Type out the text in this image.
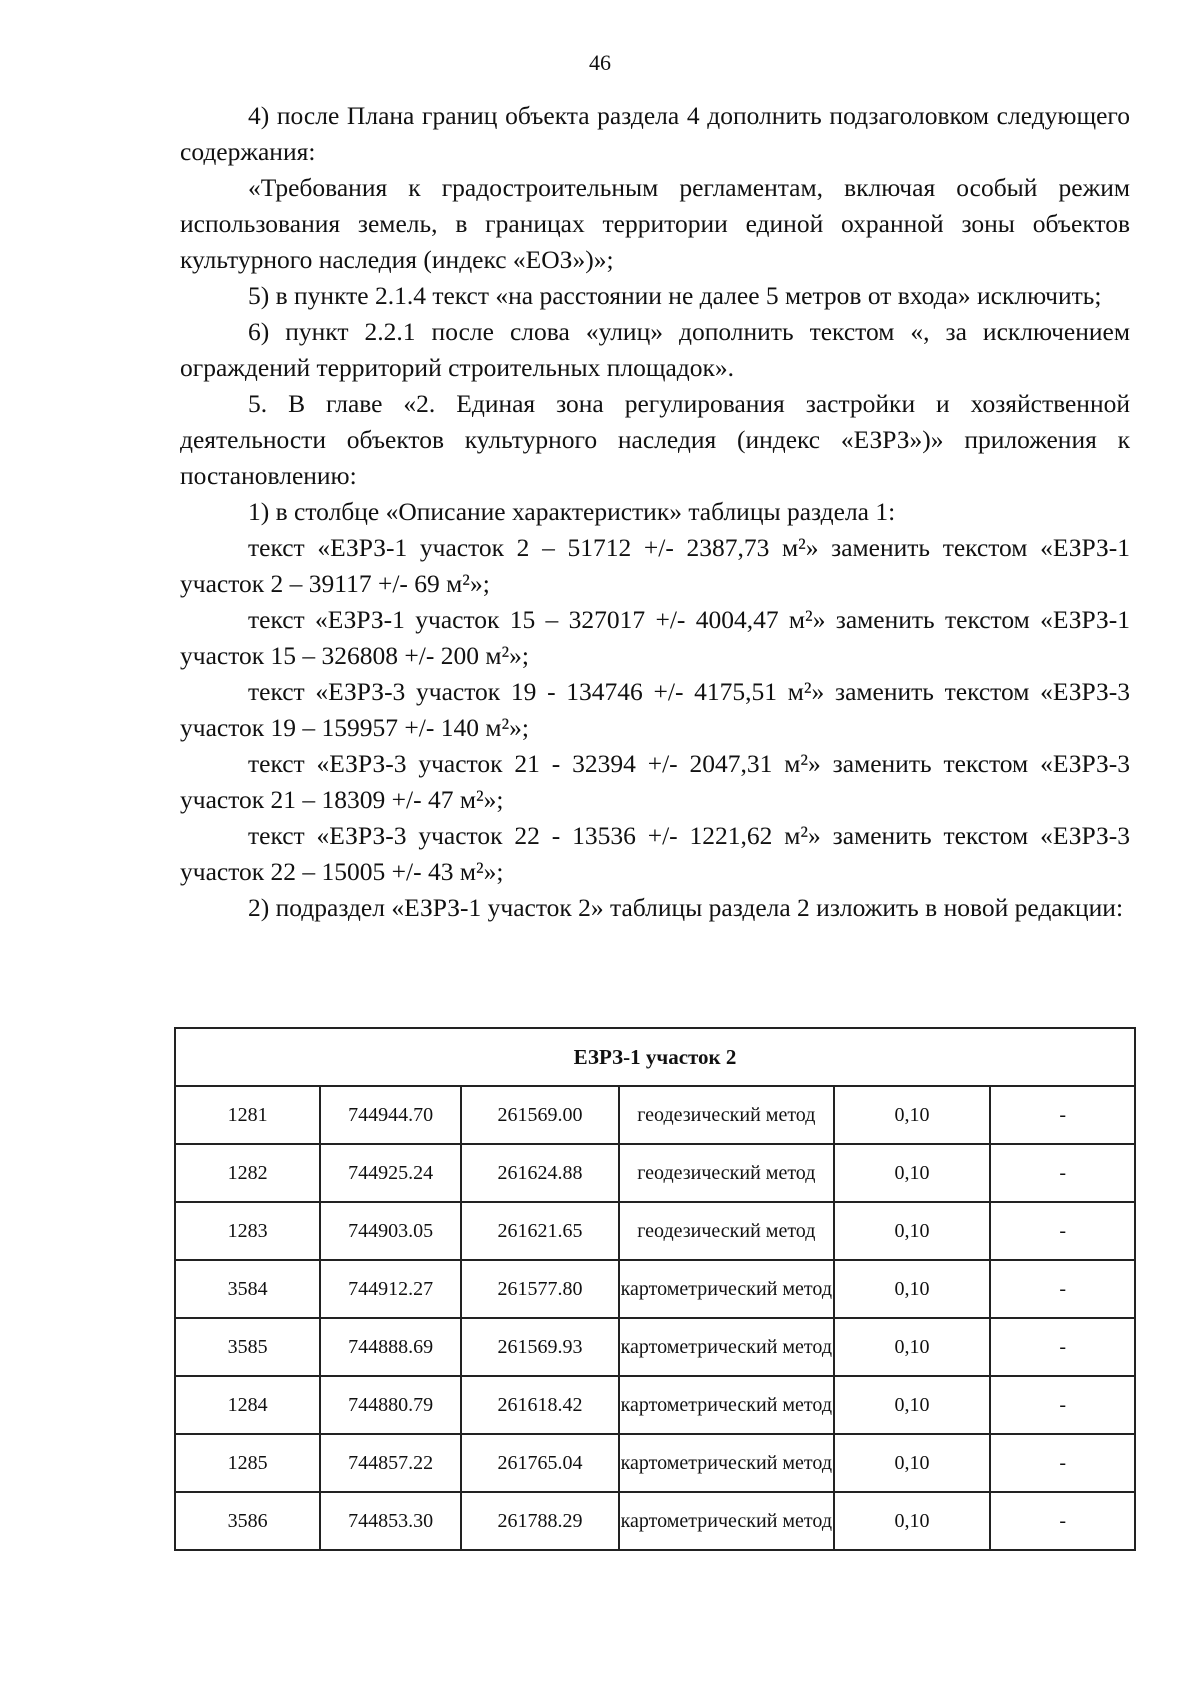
46

4) после Плана границ объекта раздела 4 дополнить подзаголовком следующего содержания:

«Требования к градостроительным регламентам, включая особый режим использования земель, в границах территории единой охранной зоны объектов культурного наследия (индекс «ЕОЗ»)»;

5) в пункте 2.1.4 текст «на расстоянии не далее 5 метров от входа» исключить;

6) пункт 2.2.1 после слова «улиц» дополнить текстом «, за исключением ограждений территорий строительных площадок».

5. В главе «2. Единая зона регулирования застройки и хозяйственной деятельности объектов культурного наследия (индекс «ЕЗРЗ»)» приложения к постановлению:

1) в столбце «Описание характеристик» таблицы раздела 1:

текст «ЕЗРЗ-1 участок 2 – 51712 +/- 2387,73 м²» заменить текстом «ЕЗРЗ-1 участок 2 – 39117 +/- 69 м²»;

текст «ЕЗРЗ-1 участок 15 – 327017 +/- 4004,47 м²» заменить текстом «ЕЗРЗ-1 участок 15 – 326808 +/- 200 м²»;

текст «ЕЗРЗ-3 участок 19 - 134746 +/- 4175,51 м²» заменить текстом «ЕЗРЗ-3 участок 19 – 159957 +/- 140 м²»;

текст «ЕЗРЗ-3 участок 21 - 32394 +/- 2047,31 м²» заменить текстом «ЕЗРЗ-3 участок 21 – 18309 +/- 47 м²»;

текст «ЕЗРЗ-3 участок 22 - 13536 +/- 1221,62 м²» заменить текстом «ЕЗРЗ-3 участок 22 – 15005 +/- 43 м²»;

2) подраздел «ЕЗРЗ-1 участок 2» таблицы раздела 2 изложить в новой редакции:

ЕЗРЗ-1 участок 2					
1281	744944.70	261569.00	геодезический метод	0,10	-
1282	744925.24	261624.88	геодезический метод	0,10	-
1283	744903.05	261621.65	геодезический метод	0,10	-
3584	744912.27	261577.80	картометрический метод	0,10	-
3585	744888.69	261569.93	картометрический метод	0,10	-
1284	744880.79	261618.42	картометрический метод	0,10	-
1285	744857.22	261765.04	картометрический метод	0,10	-
3586	744853.30	261788.29	картометрический метод	0,10	-
